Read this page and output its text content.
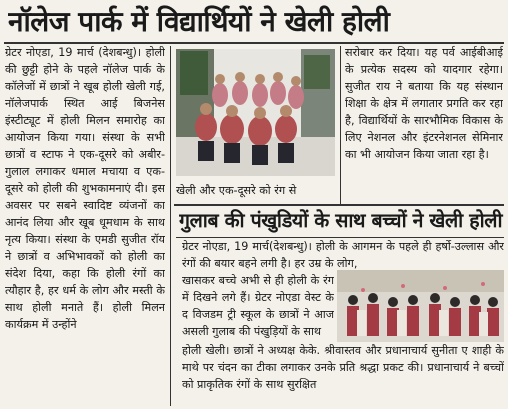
नॉलेज पार्क में विद्यार्थियों ने खेली होली

ग्रेटर नोएडा, 19 मार्च (देशबन्धु)। होली की छुट्टी होने के पहले नॉलेज पार्क के कॉलेजों में छात्रों ने खूब होली खेली गई, नॉलेजपार्क स्थित आई बिजनेस इंस्टीट्यूट में होली मिलन समारोह का आयोजन किया गया। संस्था के सभी छात्रों व स्टाफ ने एक-दूसरे को अबीर-गुलाल लगाकर धमाल मचाया व एक-दूसरे को होली की शुभकामनाएं दी। इस अवसर पर सबने स्वादिष्ट व्यंजनों का आनंद लिया और खूब धूमधाम के साथ नृत्य किया। संस्था के एमडी सुजीत रॉय ने छात्रों व अभिभावकों को होली का संदेश दिया, कहा कि होली रंगों का त्यौहार है, हर धर्म के लोग और मस्ती के साथ होली मनाते हैं। होली मिलन कार्यक्रम में उन्होंने

खेली और एक-दूसरे को रंग से

सरोबार कर दिया। यह पर्व आईबीआई के प्रत्येक सदस्य को यादगार रहेगा। सुजीत राय ने बताया कि यह संस्थान शिक्षा के क्षेत्र में लगातार प्रगति कर रहा है, विद्यार्थियों के सारभौमिक विकास के लिए नेशनल और इंटरनेशनल सेमिनार का भी आयोजन किया जाता रहा है।

गुलाब की पंखुडियों के साथ बच्चों ने खेली होली

ग्रेटर नोएडा, 19 मार्च(देशबन्धु)। होली के आगमन के पहले ही हर्षो-उल्लास और रंगों की बयार बहने लगी है। हर उम्र के लोग,

खासकर बच्चे अभी से ही होली के रंग में दिखने लगे हैं। ग्रेटर नोएडा वेस्ट के द विजडम ट्री स्कूल के छात्रों ने आज असली गुलाब की पंखुड़ियों के साथ

होली खेली। छात्रों ने अध्यक्ष केके. श्रीवास्तव और प्रधानाचार्य सुनीता ए शाही के माथे पर चंदन का टीका लगाकर उनके प्रति श्रद्धा प्रकट की। प्रधानाचार्य ने बच्चों को प्राकृतिक रंगों के साथ सुरक्षित
